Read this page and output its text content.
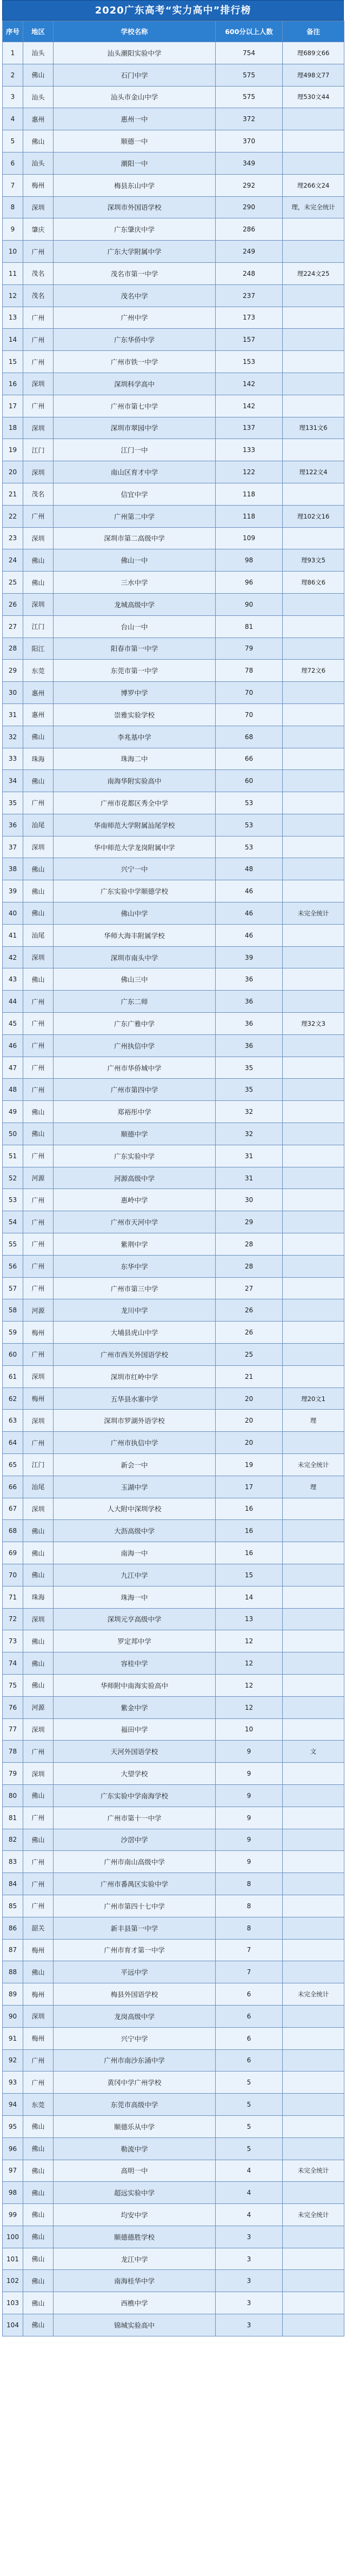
2020广东高考“实力高中”排行榜
序号	地区	学校名称	600分以上人数	备注
1	汕头	汕头潮阳实验中学	754	理689文66
2	佛山	石门中学	575	理498文77
3	汕头	汕头市金山中学	575	理530文44
4	惠州	惠州一中	372	
5	佛山	顺德一中	370	
6	汕头	潮阳一中	349	
7	梅州	梅县东山中学	292	理266文24
8	深圳	深圳市外国语学校	290	理，未完全统计
9	肇庆	广东肇庆中学	286	
10	广州	广东大学附属中学	249	
11	茂名	茂名市第一中学	248	理224文25
12	茂名	茂名中学	237	
13	广州	广州中学	173	
14	广州	广东华侨中学	157	
15	广州	广州市铁一中学	153	
16	深圳	深圳科学高中	142	
17	广州	广州市第七中学	142	
18	深圳	深圳市翠园中学	137	理131文6
19	江门	江门一中	133	
20	深圳	南山区育才中学	122	理122文4
21	茂名	信宜中学	118	
22	广州	广州第二中学	118	理102文16
23	深圳	深圳市第二高级中学	109	
24	佛山	佛山一中	98	理93文5
25	佛山	三水中学	96	理86文6
26	深圳	龙城高级中学	90	
27	江门	台山一中	81	
28	阳江	阳春市第一中学	79	
29	东莞	东莞市第一中学	78	理72文6
30	惠州	博罗中学	70	
31	惠州	崇雅实验学校	70	
32	佛山	李兆基中学	68	
33	珠海	珠海二中	66	
34	佛山	南海华附实验高中	60	
35	广州	广州市花都区秀全中学	53	
36	汕尾	华南师范大学附属汕尾学校	53	
37	深圳	华中师范大学龙岗附属中学	53	
38	佛山	兴宁一中	48	
39	佛山	广东实验中学顺德学校	46	
40	佛山	佛山中学	46	未完全统计
41	汕尾	华师大海丰附属学校	46	
42	深圳	深圳市南头中学	39	
43	佛山	佛山三中	36	
44	广州	广东二师	36	
45	广州	广东广雅中学	36	理32文3
46	广州	广州执信中学	36	
47	广州	广州市华侨城中学	35	
48	广州	广州市第四中学	35	
49	佛山	郑裕彤中学	32	
50	佛山	顺德中学	32	
51	广州	广东实验中学	31	
52	河源	河源高级中学	31	
53	广州	惠岭中学	30	
54	广州	广州市天河中学	29	
55	广州	紫荆中学	28	
56	广州	东华中学	28	
57	广州	广州市第三中学	27	
58	河源	龙川中学	26	
59	梅州	大埔县虎山中学	26	
60	广州	广州市西关外国语学校	25	
61	深圳	深圳市红岭中学	21	
62	梅州	五华县水寨中学	20	理20文1
63	深圳	深圳市罗湖外语学校	20	理
64	广州	广州市执信中学	20	
65	江门	新会一中	19	未完全统计
66	汕尾	玉湖中学	17	理
67	深圳	人大附中深圳学校	16	
68	佛山	大沥高级中学	16	
69	佛山	南海一中	16	
70	佛山	九江中学	15	
71	珠海	珠海一中	14	
72	深圳	深圳元亨高级中学	13	
73	佛山	罗定邦中学	12	
74	佛山	容桂中学	12	
75	佛山	华师附中南海实验高中	12	
76	河源	紫金中学	12	
77	深圳	福田中学	10	
78	广州	天河外国语学校	9	文
79	深圳	大望学校	9	
80	佛山	广东实验中学南海学校	9	
81	广州	广州市第十一中学	9	
82	佛山	沙滘中学	9	
83	广州	广州市南山高级中学	9	
84	广州	广州市番禺区实验中学	8	
85	广州	广州市第四十七中学	8	
86	韶关	新丰县第一中学	8	
87	梅州	广州市育才第一中学	7	
88	佛山	平远中学	7	
89	梅州	梅县外国语学校	6	未完全统计
90	深圳	龙岗高级中学	6	
91	梅州	兴宁中学	6	
92	广州	广州市南沙东涌中学	6	
93	广州	黄冈中学广州学校	5	
94	东莞	东莞市高级中学	5	
95	佛山	顺德乐从中学	5	
96	佛山	勒流中学	5	
97	佛山	高明一中	4	未完全统计
98	佛山	超远实验中学	4	
99	佛山	均安中学	4	未完全统计
100	佛山	顺德德胜学校	3	
101	佛山	龙江中学	3	
102	佛山	南海桂华中学	3	
103	佛山	西樵中学	3	
104	佛山	锦城实验高中	3	
